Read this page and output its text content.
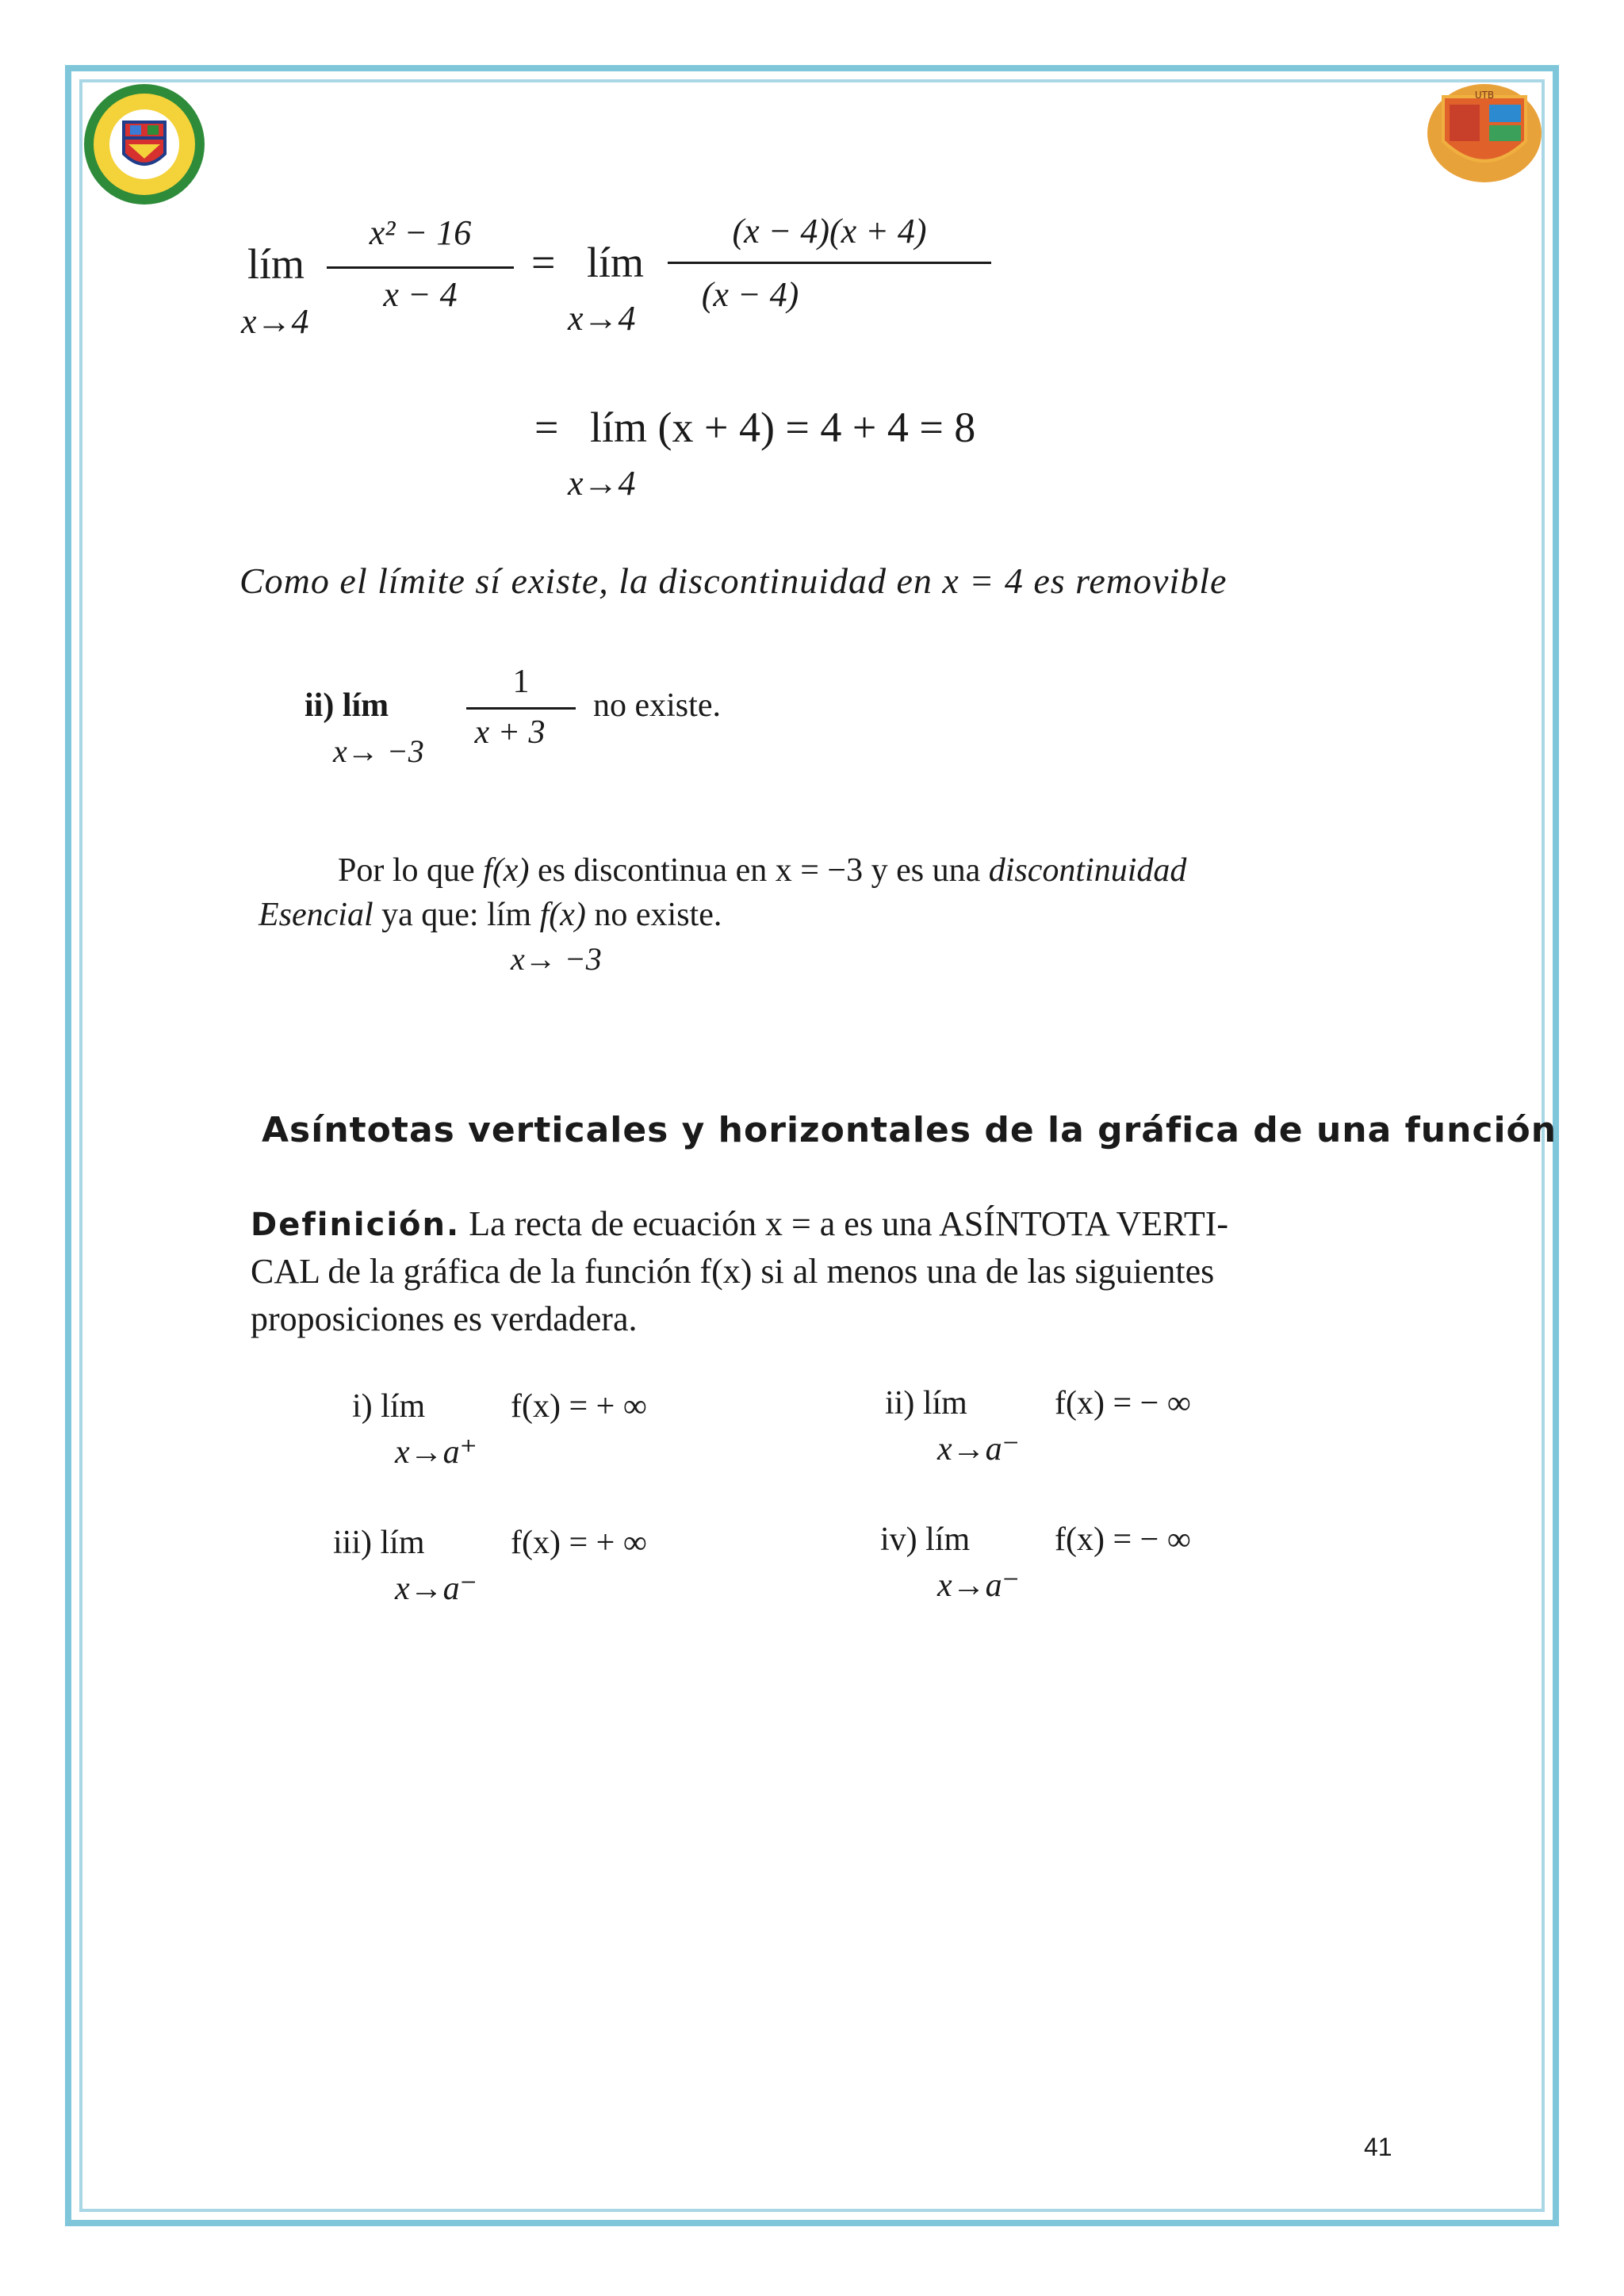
UTB
lím
x→4
x² − 16
x − 4
= lím
x→4
(x − 4)(x + 4)
(x − 4)
= lím (x + 4) = 4 + 4 = 8
x→4
Como el límite sí existe, la discontinuidad en x = 4 es removible
ii) lím
x→ −3
1
x + 3
no existe.
Por lo que f(x) es discontinua en x = −3 y es una discontinuidad
Esencial ya que: lím f(x) no existe.
x→ −3
Asíntotas verticales y horizontales de la gráfica de una función
Definición. La recta de ecuación x = a es una ASÍNTOTA VERTI-
CAL de la gráfica de la función f(x) si al menos una de las siguientes
proposiciones es verdadera.
i) lím
x→a⁺
f(x) = + ∞	ii) lím
x→a⁻
f(x) = − ∞
iii) lím
x→a⁻
f(x) = + ∞	iv) lím
x→a⁻
f(x) = − ∞
41
